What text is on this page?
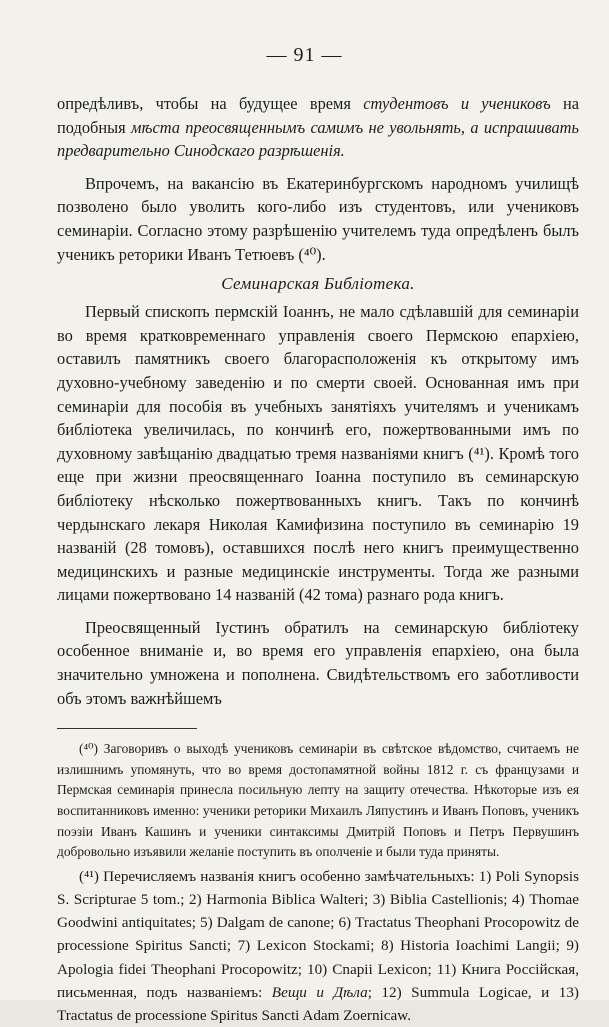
— 91 —

опредѣливъ, чтобы на будущее время студентовъ и учениковъ на подобныя мѣста преосвященнымъ самимъ не увольнять, а испрашивать предварительно Синодскаго разрѣшенія.

Впрочемъ, на вакансію въ Екатеринбургскомъ народномъ училищѣ позволено было уволить кого-либо изъ студентовъ, или учениковъ семинаріи. Согласно этому разрѣшенію учителемъ туда опредѣленъ былъ ученикъ реторики Иванъ Тетюевъ (⁴⁰).

Семинарская Библіотека.

Первый спископъ пермскій Іоаннъ, не мало сдѣлавшій для семинаріи во время кратковременнаго управленія своего Пермскою епархіею, оставилъ памятникъ своего благорасположенія къ открытому имъ духовно-учебному заведенію и по смерти своей. Основанная имъ при семинаріи для пособія въ учебныхъ занятіяхъ учителямъ и ученикамъ библіотека увеличилась, по кончинѣ его, пожертвованными имъ по духовному завѣщанію двадцатью тремя названіями книгъ (⁴¹). Кромѣ того еще при жизни преосвященнаго Іоанна поступило въ семинарскую библіотеку нѣсколько пожертвованныхъ книгъ. Такъ по кончинѣ чердынскаго лекаря Николая Камифизина поступило въ семинарію 19 названій (28 томовъ), оставшихся послѣ него книгъ преимущественно медицинскихъ и разные медицинскіе инструменты. Тогда же разными лицами пожертвовано 14 названій (42 тома) разнаго рода книгъ.

Преосвященный Іустинъ обратилъ на семинарскую библіотеку особенное вниманіе и, во время его управленія епархіею, она была значительно умножена и пополнена. Свидѣтельствомъ его заботливости объ этомъ важнѣйшемъ

(⁴⁰) Заговоривъ о выходѣ учениковъ семинаріи въ свѣтское вѣдомство, считаемъ не излишнимъ упомянуть, что во время достопамятной войны 1812 г. съ французами и Пермская семинарія принесла посильную лепту на защиту отечества. Нѣкоторые изъ ея воспитанниковъ именно: ученики реторики Михаилъ Ляпустинъ и Иванъ Поповъ, ученикъ поэзіи Иванъ Кашинъ и ученики синтаксимы Дмитрій Поповъ и Петръ Первушинъ добровольно изъявили желаніе поступить въ ополченіе и были туда приняты.

(⁴¹) Перечисляемъ названія книгъ особенно замѣчательныхъ: 1) Poli Synopsis S. Scripturae 5 tom.; 2) Harmonia Biblica Walteri; 3) Biblia Castellionis; 4) Thomae Goodwini antiquitates; 5) Dalgam de canone; 6) Tractatus Theophani Procopowitz de processione Spiritus Sancti; 7) Lexicon Stockami; 8) Historia Ioachimi Langii; 9) Apologia fidei Theophani Procopowitz; 10) Cnapii Lexicon; 11) Книга Россійская, письменная, подъ названіемъ: Вещи и Дѣла; 12) Summula Logicae, и 13) Tractatus de processione Spiritus Sancti Adam Zoernicaw.
